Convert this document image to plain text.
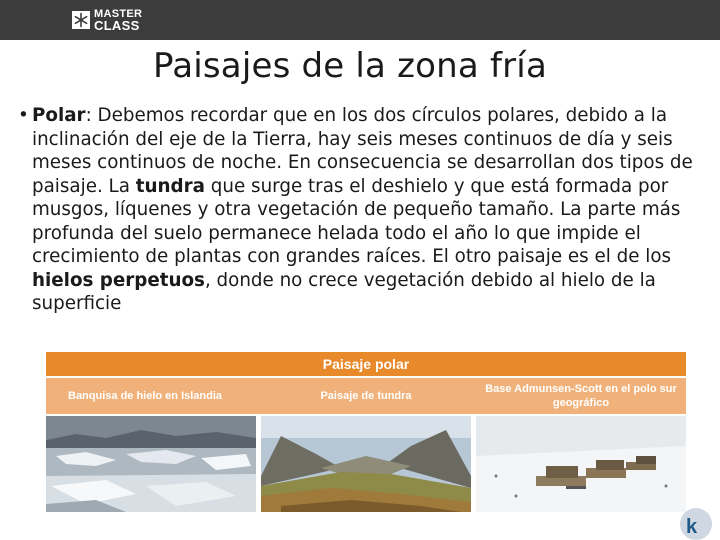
MASTER
CLASS
Paisajes de la zona fría
• Polar: Debemos recordar que en los dos círculos polares, debido a la inclinación del eje de la Tierra, hay seis meses continuos de día y seis meses continuos de noche. En consecuencia se desarrollan dos tipos de paisaje. La tundra que surge tras el deshielo y que está formada por musgos, líquenes y otra vegetación de pequeño tamaño. La parte más profunda del suelo permanece helada todo el año lo que impide el crecimiento de plantas con grandes raíces. El otro paisaje es el de los hielos perpetuos, donde no crece vegetación debido al hielo de la superficie

Paisaje polar
Banquisa de hielo en Islandia	Paisaje de tundra
Base Admunsen-Scott en el polo sur geográfico
k
